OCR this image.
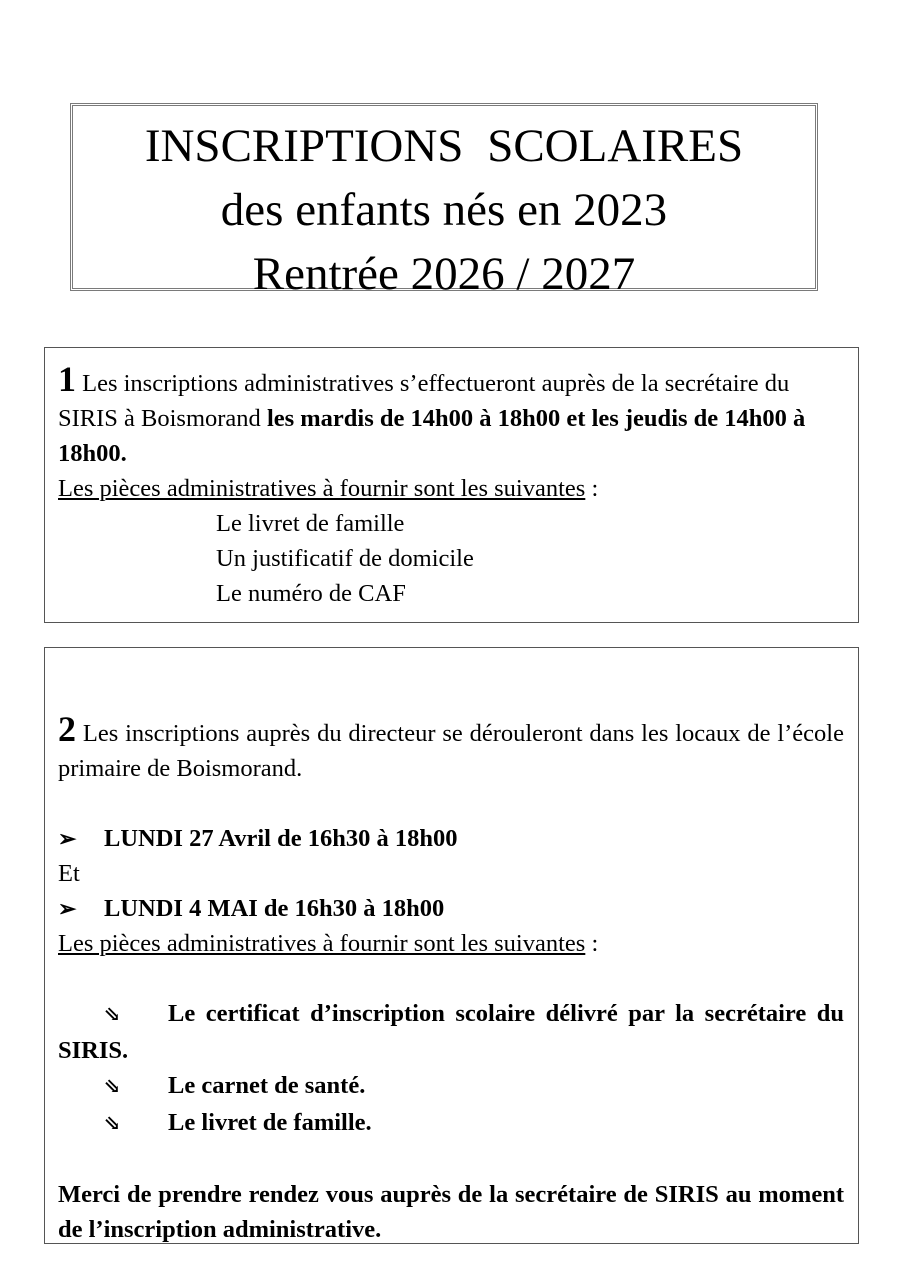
INSCRIPTIONS SCOLAIRES
des enfants nés en 2023
Rentrée 2026 / 2027
1 Les inscriptions administratives s’effectueront auprès de la secrétaire du SIRIS à Boismorand les mardis de 14h00 à 18h00 et les jeudis de 14h00 à 18h00.
Les pièces administratives à fournir sont les suivantes :
Le livret de famille
Un justificatif de domicile
Le numéro de CAF
2 Les inscriptions auprès du directeur se dérouleront dans les locaux de l’école primaire de Boismorand.
➢ LUNDI 27 Avril de 16h30 à 18h00
Et
➢ LUNDI 4 MAI de 16h30 à 18h00
Les pièces administratives à fournir sont les suivantes :
⇘ Le certificat d’inscription scolaire délivré par la secrétaire du SIRIS.
⇘ Le carnet de santé.
⇘ Le livret de famille.
Merci de prendre rendez vous auprès de la secrétaire de SIRIS au moment de l’inscription administrative.
